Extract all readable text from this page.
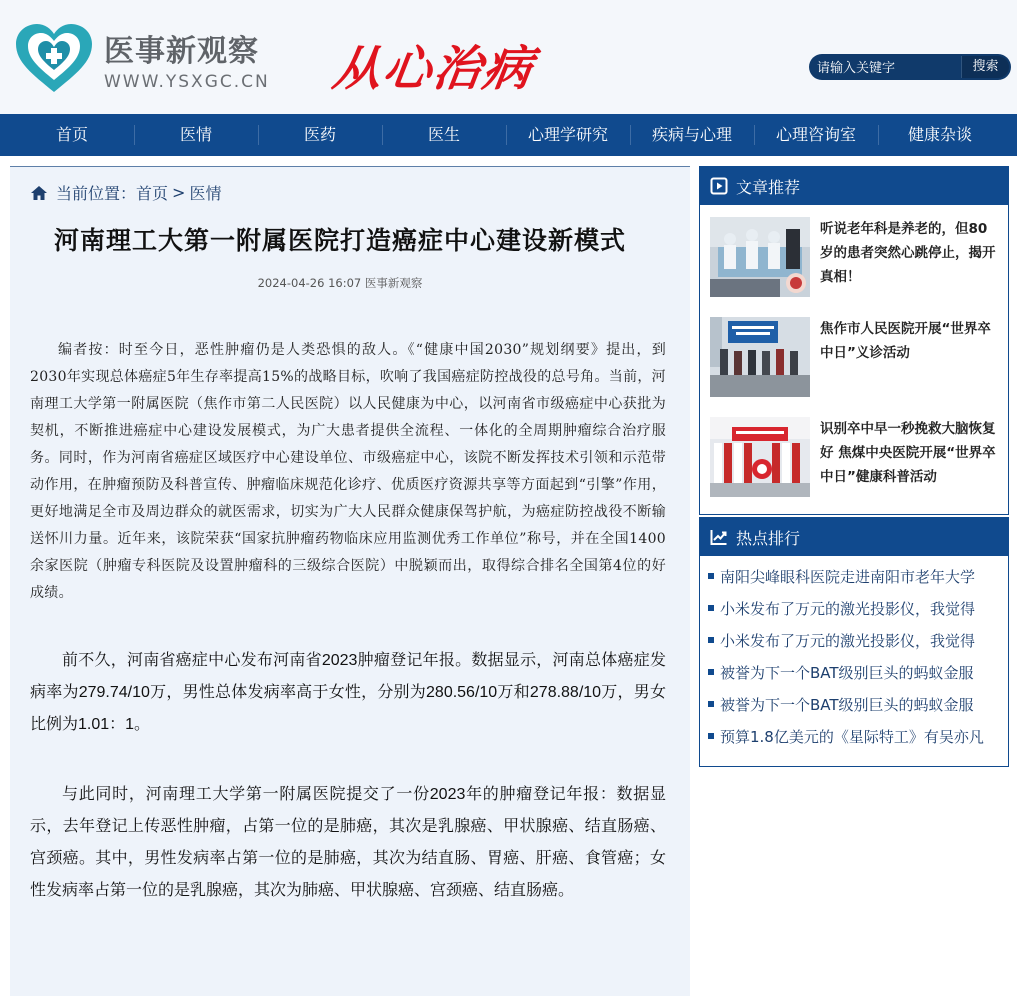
医事新观察
WWW.YSXGC.CN 从心治病
请输入关键字	搜索
首页	医情	医药	医生	心理学研究	疾病与心理	心理咨询室	健康杂谈
当前位置： 首页 > 医情
河南理工大第一附属医院打造癌症中心建设新模式
2024-04-26 16:07 医事新观察

编者按：时至今日，恶性肿瘤仍是人类恐惧的敌人。《“健康中国2030”规划纲要》提出，到2030年实现总体癌症5年生存率提高15%的战略目标，吹响了我国癌症防控战役的总号角。当前，河南理工大学第一附属医院（焦作市第二人民医院）以人民健康为中心，以河南省市级癌症中心获批为契机，不断推进癌症中心建设发展模式，为广大患者提供全流程、一体化的全周期肿瘤综合治疗服务。同时，作为河南省癌症区域医疗中心建设单位、市级癌症中心，该院不断发挥技术引领和示范带动作用，在肿瘤预防及科普宣传、肿瘤临床规范化诊疗、优质医疗资源共享等方面起到“引擎”作用，更好地满足全市及周边群众的就医需求，切实为广大人民群众健康保驾护航，为癌症防控战役不断输送怀川力量。近年来，该院荣获“国家抗肿瘤药物临床应用监测优秀工作单位”称号，并在全国1400余家医院（肿瘤专科医院及设置肿瘤科的三级综合医院）中脱颖而出，取得综合排名全国第4位的好成绩。

前不久，河南省癌症中心发布河南省2023肿瘤登记年报。数据显示，河南总体癌症发病率为279.74/10万，男性总体发病率高于女性，分别为280.56/10万和278.88/10万，男女比例为1.01：1。

与此同时，河南理工大学第一附属医院提交了一份2023年的肿瘤登记年报：数据显示，去年登记上传恶性肿瘤，占第一位的是肺癌，其次是乳腺癌、甲状腺癌、结直肠癌、宫颈癌。其中，男性发病率占第一位的是肺癌，其次为结直肠、胃癌、肝癌、食管癌；女性发病率占第一位的是乳腺癌，其次为肺癌、甲状腺癌、宫颈癌、结直肠癌。

文章推荐
听说老年科是养老的，但80岁的患者突然心跳停止，揭开真相！
焦作市人民医院开展“世界卒中日”义诊活动
识别卒中早一秒挽救大脑恢复好 焦煤中央医院开展“世界卒中日”健康科普活动
热点排行
南阳尖峰眼科医院走进南阳市老年大学
小米发布了万元的激光投影仪，我觉得
小米发布了万元的激光投影仪，我觉得
被誉为下一个BAT级别巨头的蚂蚁金服
被誉为下一个BAT级别巨头的蚂蚁金服
预算1.8亿美元的《星际特工》有吴亦凡
